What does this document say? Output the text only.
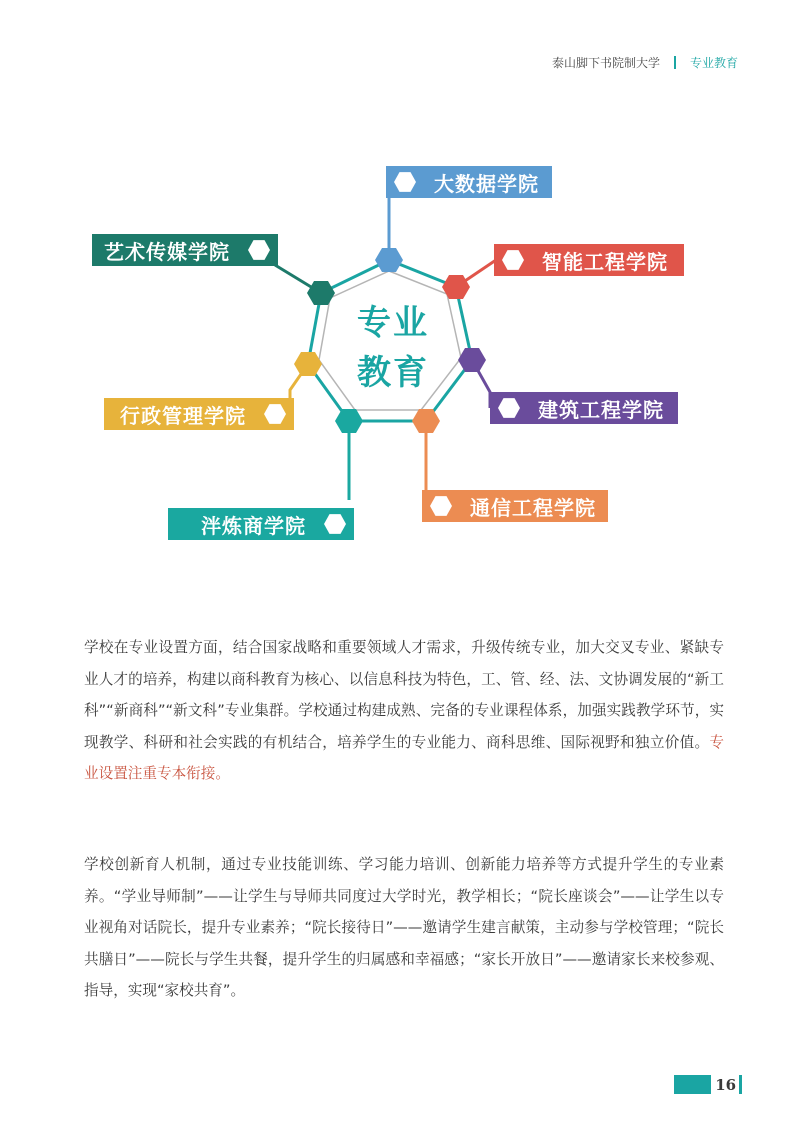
泰山脚下书院制大学	专业教育
专业
教育
大数据学院
智能工程学院
建筑工程学院
通信工程学院
泮炼商学院
行政管理学院
艺术传媒学院
学校在专业设置方面，结合国家战略和重要领域人才需求，升级传统专业，加大交叉专业、紧缺专业人才的培养，构建以商科教育为核心、以信息科技为特色，工、管、经、法、文协调发展的“新工科”“新商科”“新文科”专业集群。学校通过构建成熟、完备的专业课程体系，加强实践教学环节，实现教学、科研和社会实践的有机结合，培养学生的专业能力、商科思维、国际视野和独立价值。专业设置注重专本衔接。
学校创新育人机制，通过专业技能训练、学习能力培训、创新能力培养等方式提升学生的专业素养。“学业导师制”——让学生与导师共同度过大学时光，教学相长；“院长座谈会”——让学生以专业视角对话院长，提升专业素养；“院长接待日”——邀请学生建言献策，主动参与学校管理；“院长共膳日”——院长与学生共餐，提升学生的归属感和幸福感；“家长开放日”——邀请家长来校参观、指导，实现“家校共育”。
16
